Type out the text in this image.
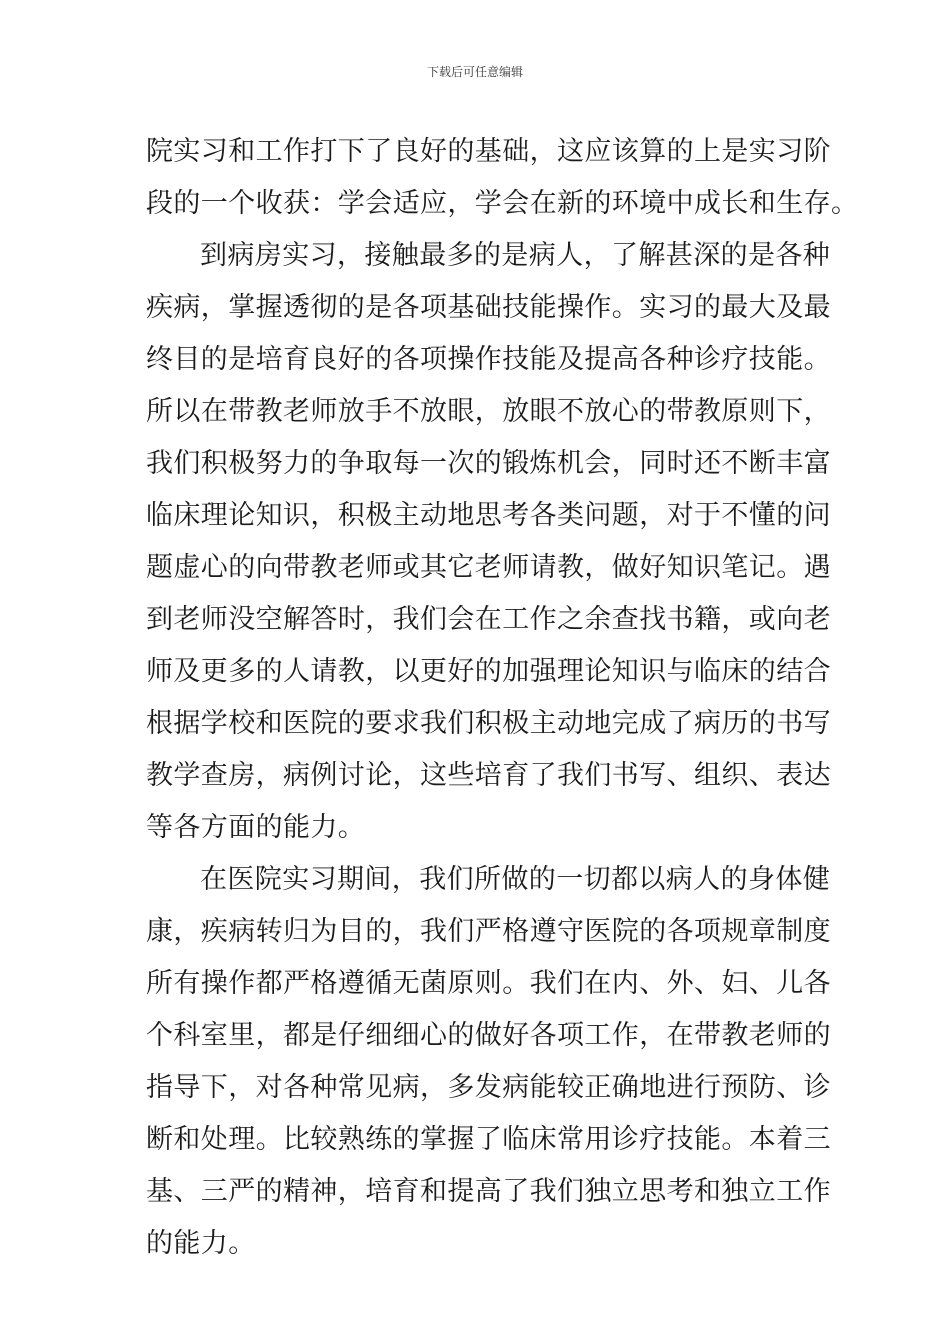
下载后可任意编辑
院实习和工作打下了良好的基础，这应该算的上是实习阶
段的一个收获：学会适应，学会在新的环境中成长和生存。
到病房实习，接触最多的是病人，了解甚深的是各种
疾病，掌握透彻的是各项基础技能操作。实习的最大及最
终目的是培育良好的各项操作技能及提高各种诊疗技能。
所以在带教老师放手不放眼，放眼不放心的带教原则下，
我们积极努力的争取每一次的锻炼机会，同时还不断丰富
临床理论知识，积极主动地思考各类问题，对于不懂的问
题虚心的向带教老师或其它老师请教，做好知识笔记。遇
到老师没空解答时，我们会在工作之余查找书籍，或向老
师及更多的人请教，以更好的加强理论知识与临床的结合
根据学校和医院的要求我们积极主动地完成了病历的书写
教学查房，病例讨论，这些培育了我们书写、组织、表达
等各方面的能力。
在医院实习期间，我们所做的一切都以病人的身体健
康，疾病转归为目的，我们严格遵守医院的各项规章制度
所有操作都严格遵循无菌原则。我们在内、外、妇、儿各
个科室里，都是仔细细心的做好各项工作，在带教老师的
指导下，对各种常见病，多发病能较正确地进行预防、诊
断和处理。比较熟练的掌握了临床常用诊疗技能。本着三
基、三严的精神，培育和提高了我们独立思考和独立工作
的能力。
